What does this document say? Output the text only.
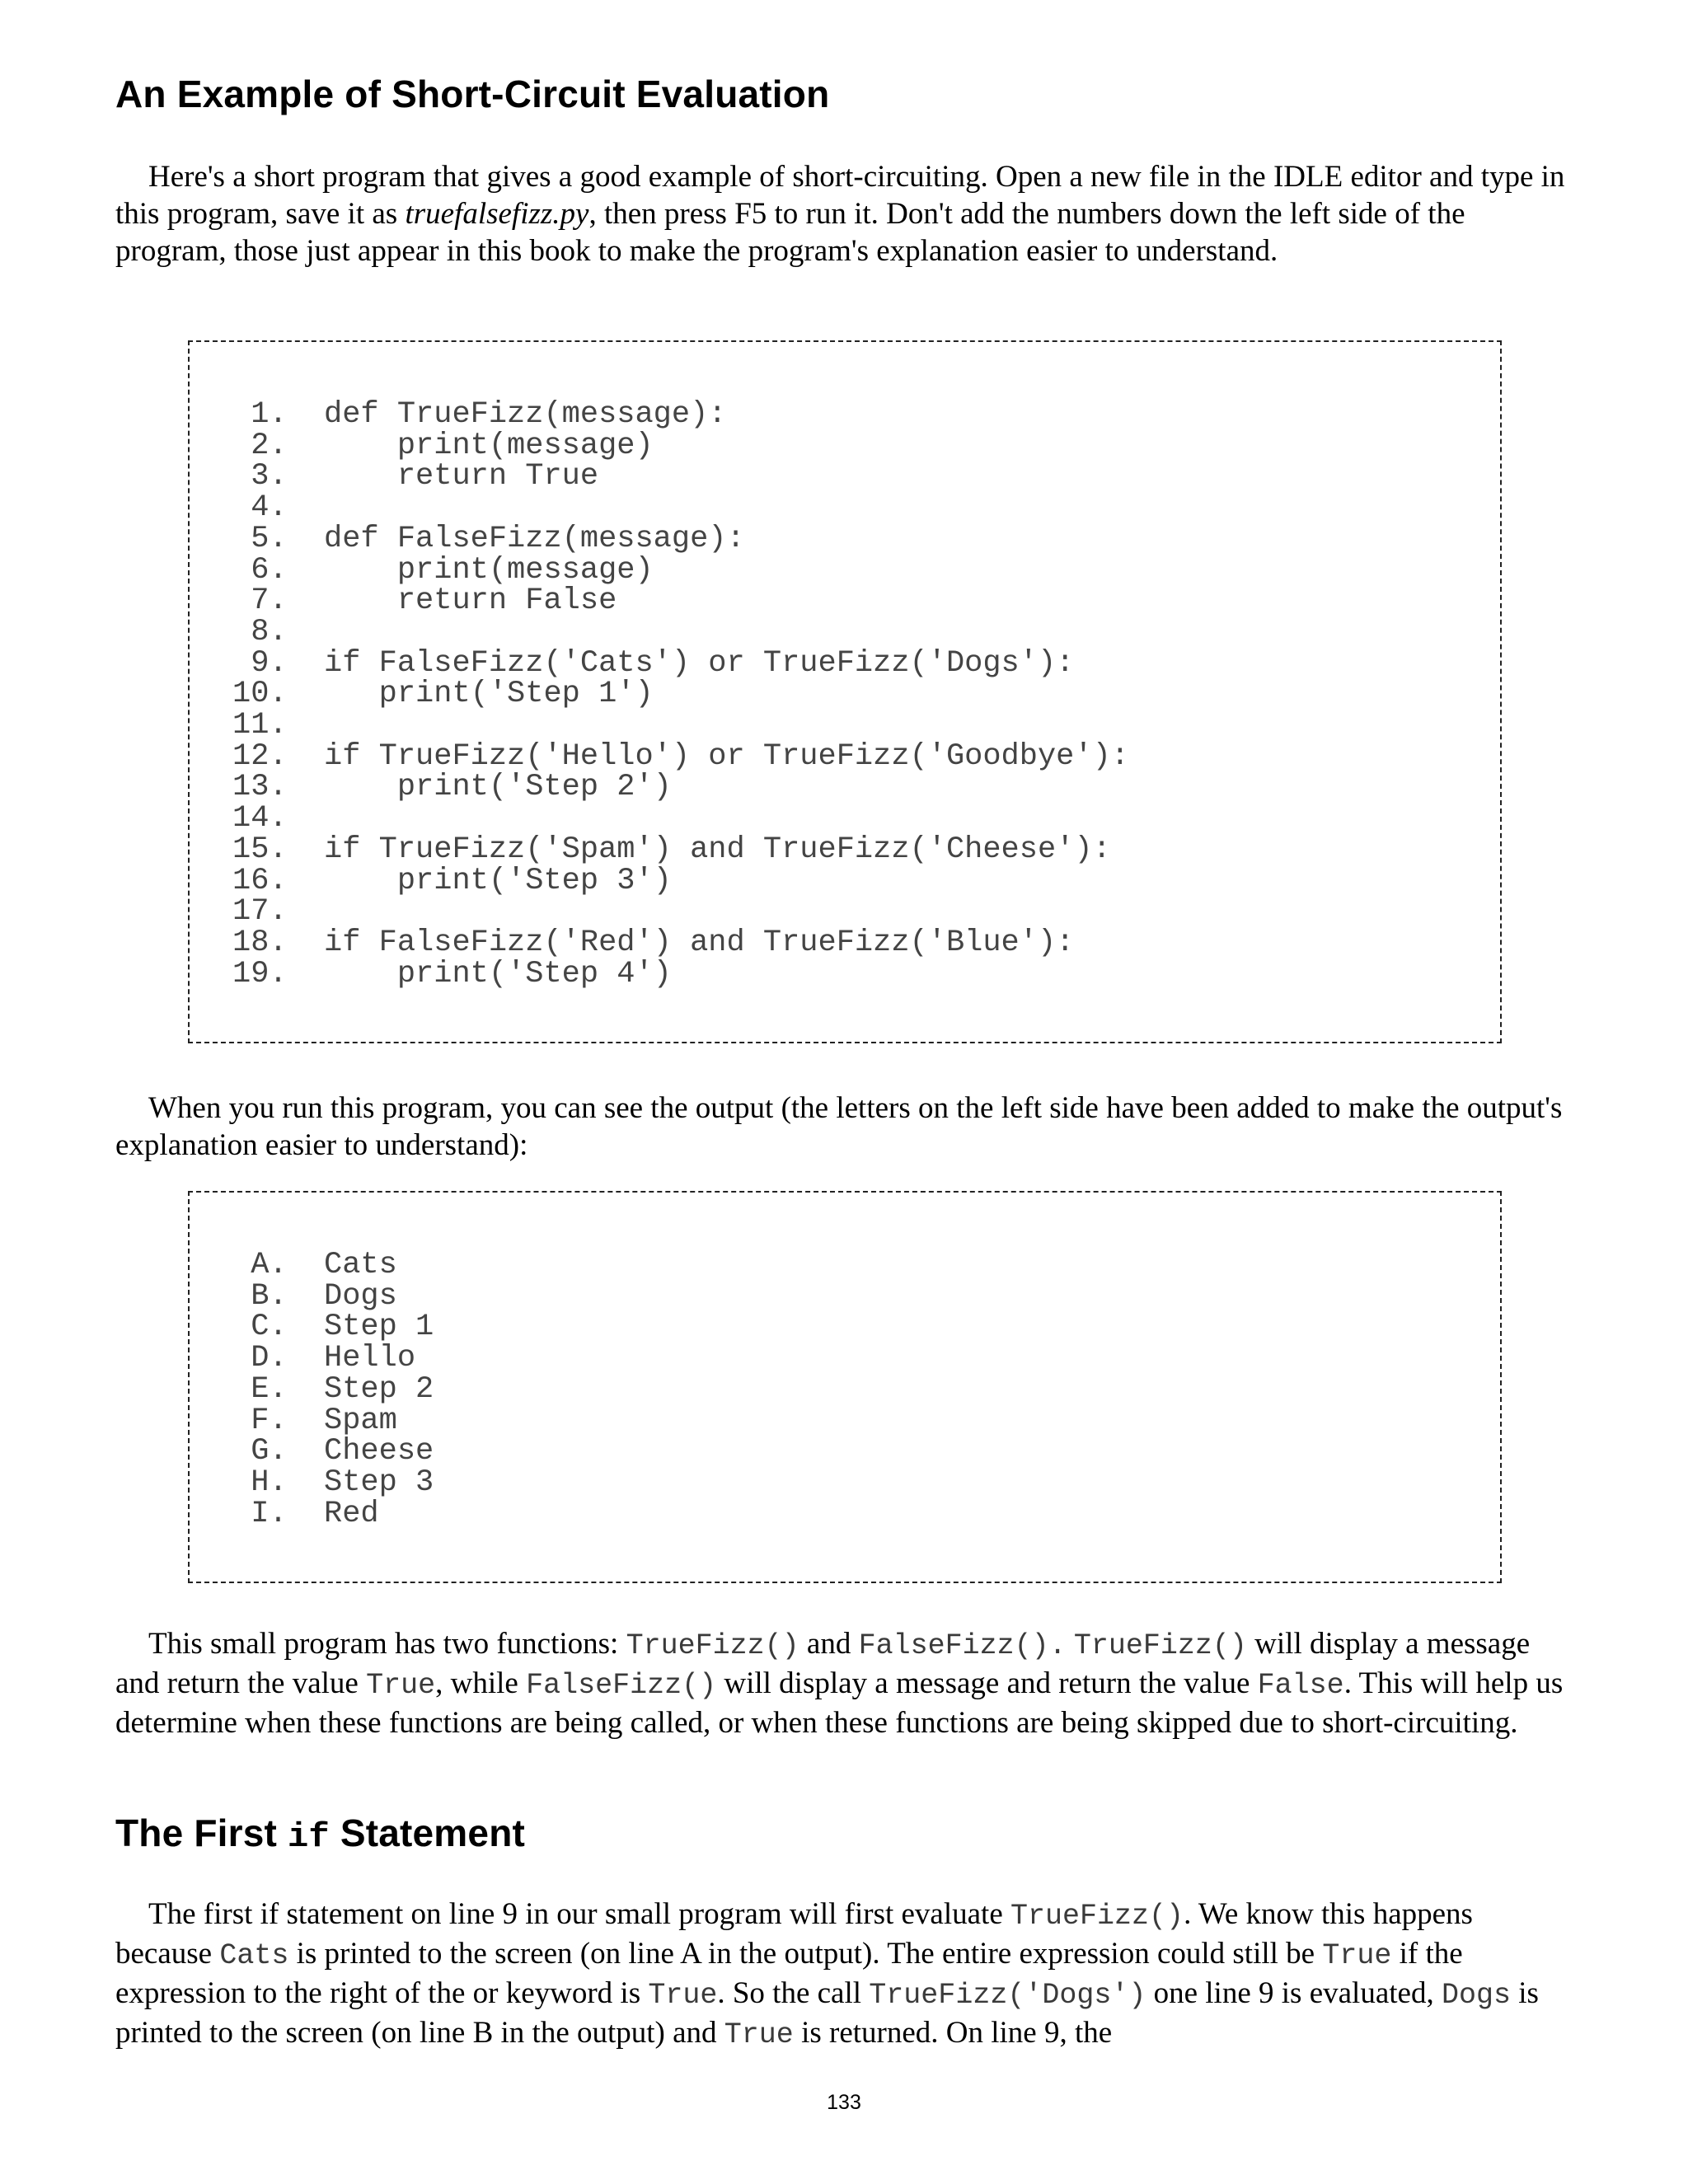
An Example of Short-Circuit Evaluation

Here's a short program that gives a good example of short-circuiting. Open a new file in the IDLE editor and type in this program, save it as truefalsefizz.py, then press F5 to run it. Don't add the numbers down the left side of the program, those just appear in this book to make the program's explanation easier to understand.

1.  def TrueFizz(message):
2.      print(message)
3.      return True
4.
5.  def FalseFizz(message):
6.      print(message)
7.      return False
8.
9.  if FalseFizz('Cats') or TrueFizz('Dogs'):
10.     print('Step 1')
11.
12.  if TrueFizz('Hello') or TrueFizz('Goodbye'):
13.      print('Step 2')
14.
15.  if TrueFizz('Spam') and TrueFizz('Cheese'):
16.      print('Step 3')
17.
18.  if FalseFizz('Red') and TrueFizz('Blue'):
19.      print('Step 4')

When you run this program, you can see the output (the letters on the left side have been added to make the output's explanation easier to understand):

A.  Cats
B.  Dogs
C.  Step 1
D.  Hello
E.  Step 2
F.  Spam
G.  Cheese
H.  Step 3
I.  Red

This small program has two functions: TrueFizz() and FalseFizz(). TrueFizz() will display a message and return the value True, while FalseFizz() will display a message and return the value False. This will help us determine when these functions are being called, or when these functions are being skipped due to short-circuiting.

The First if Statement

The first if statement on line 9 in our small program will first evaluate TrueFizz(). We know this happens because Cats is printed to the screen (on line A in the output). The entire expression could still be True if the expression to the right of the or keyword is True. So the call TrueFizz('Dogs') one line 9 is evaluated, Dogs is printed to the screen (on line B in the output) and True is returned. On line 9, the

133
